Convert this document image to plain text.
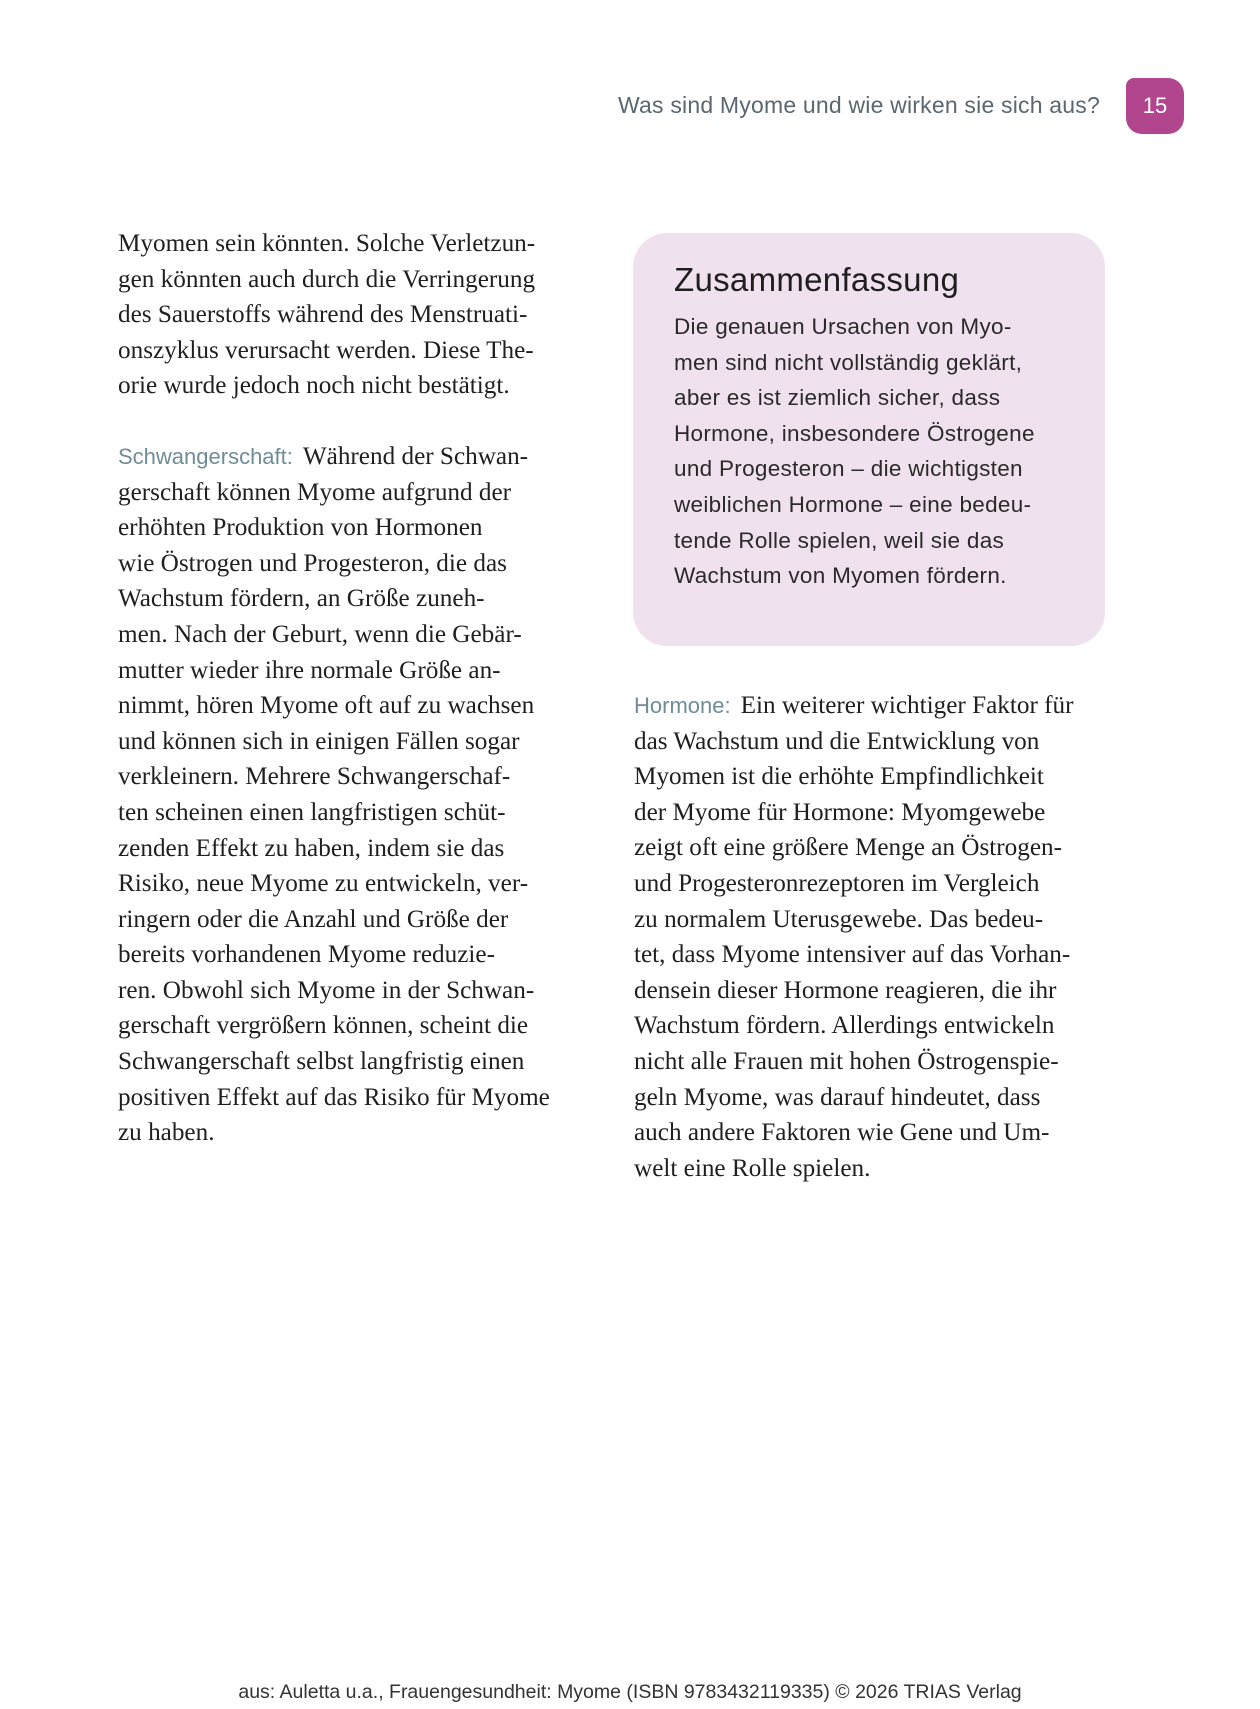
Was sind Myome und wie wirken sie sich aus?	15

Myomen sein könnten. Solche Verletzun-
gen könnten auch durch die Verringerung
des Sauerstoffs während des Menstruati-
onszyklus verursacht werden. Diese The-
orie wurde jedoch noch nicht bestätigt.

Schwangerschaft: Während der Schwan-
gerschaft können Myome aufgrund der
erhöhten Produktion von Hormonen
wie Östrogen und Progesteron, die das
Wachstum fördern, an Größe zuneh-
men. Nach der Geburt, wenn die Gebär-
mutter wieder ihre normale Größe an-
nimmt, hören Myome oft auf zu wachsen
und können sich in einigen Fällen sogar
verkleinern. Mehrere Schwangerschaf-
ten scheinen einen langfristigen schüt-
zenden Effekt zu haben, indem sie das
Risiko, neue Myome zu entwickeln, ver-
ringern oder die Anzahl und Größe der
bereits vorhandenen Myome reduzie-
ren. Obwohl sich Myome in der Schwan-
gerschaft vergrößern können, scheint die
Schwangerschaft selbst langfristig einen
positiven Effekt auf das Risiko für Myome
zu haben.

Zusammenfassung
Die genauen Ursachen von Myo-
men sind nicht vollständig geklärt,
aber es ist ziemlich sicher, dass
Hormone, insbesondere Östrogene
und Progesteron – die wichtigsten
weiblichen Hormone – eine bedeu-
tende Rolle spielen, weil sie das
Wachstum von Myomen fördern.

Hormone: Ein weiterer wichtiger Faktor für
das Wachstum und die Entwicklung von
Myomen ist die erhöhte Empfindlichkeit
der Myome für Hormone: Myomgewebe
zeigt oft eine größere Menge an Östrogen-
und Progesteronrezeptoren im Vergleich
zu normalem Uterusgewebe. Das bedeu-
tet, dass Myome intensiver auf das Vorhan-
densein dieser Hormone reagieren, die ihr
Wachstum fördern. Allerdings entwickeln
nicht alle Frauen mit hohen Östrogenspie-
geln Myome, was darauf hindeutet, dass
auch andere Faktoren wie Gene und Um-
welt eine Rolle spielen.

aus: Auletta u.a., Frauengesundheit: Myome (ISBN 9783432119335) © 2026 TRIAS Verlag
